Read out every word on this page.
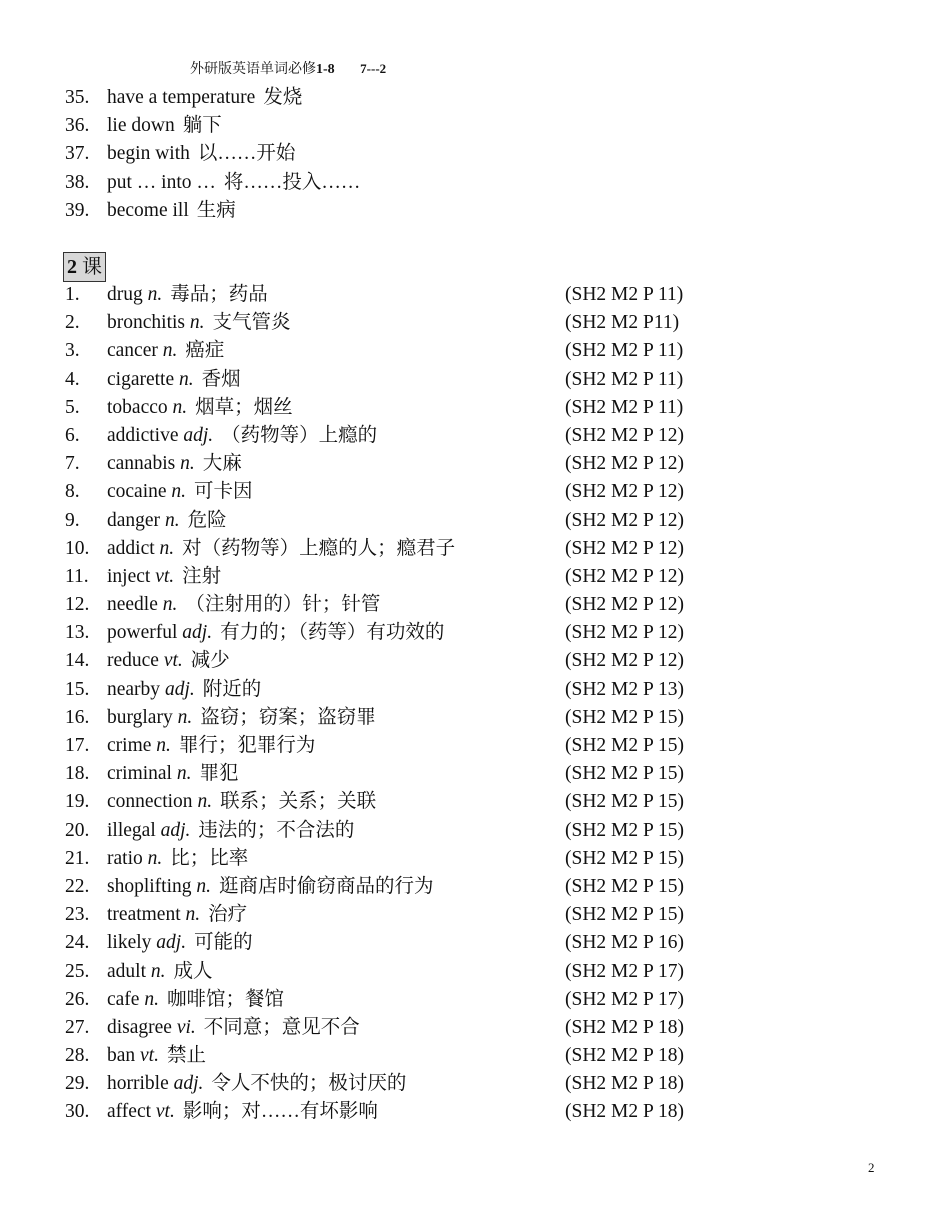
外研版英语单词必修1-8 7---2
35. have a temperature 发烧
36. lie down 躺下
37. begin with 以……开始
38. put … into … 将……投入……
39. become ill 生病
2 课
1.	drug n. 毒品；药品	(SH2 M2 P 11)
2.	bronchitis n. 支气管炎	(SH2 M2 P11)
3.	cancer n. 癌症	(SH2 M2 P 11)
4.	cigarette n. 香烟	(SH2 M2 P 11)
5.	tobacco n. 烟草；烟丝	(SH2 M2 P 11)
6.	addictive adj. （药物等）上瘾的	(SH2 M2 P 12)
7.	cannabis n. 大麻	(SH2 M2 P 12)
8.	cocaine n. 可卡因	(SH2 M2 P 12)
9.	danger n. 危险	(SH2 M2 P 12)
10. addict n. 对（药物等）上瘾的人；瘾君子	(SH2 M2 P 12)
11. inject vt. 注射	(SH2 M2 P 12)
12. needle n. （注射用的）针；针管	(SH2 M2 P 12)
13. powerful adj. 有力的；（药等）有功效的	(SH2 M2 P 12)
14. reduce vt. 减少	(SH2 M2 P 12)
15. nearby adj. 附近的	(SH2 M2 P 13)
16. burglary n. 盗窃；窃案；盗窃罪	(SH2 M2 P 15)
17. crime n. 罪行；犯罪行为	(SH2 M2 P 15)
18. criminal n. 罪犯	(SH2 M2 P 15)
19. connection n. 联系；关系；关联	(SH2 M2 P 15)
20. illegal adj. 违法的；不合法的	(SH2 M2 P 15)
21. ratio n. 比；比率	(SH2 M2 P 15)
22. shoplifting n. 逛商店时偷窃商品的行为	(SH2 M2 P 15)
23. treatment n. 治疗	(SH2 M2 P 15)
24. likely adj. 可能的	(SH2 M2 P 16)
25. adult n. 成人	(SH2 M2 P 17)
26. cafe n. 咖啡馆；餐馆	(SH2 M2 P 17)
27. disagree vi. 不同意；意见不合	(SH2 M2 P 18)
28. ban vt. 禁止	(SH2 M2 P 18)
29. horrible adj. 令人不快的；极讨厌的	(SH2 M2 P 18)
30. affect vt. 影响；对……有坏影响	(SH2 M2 P 18)
2
